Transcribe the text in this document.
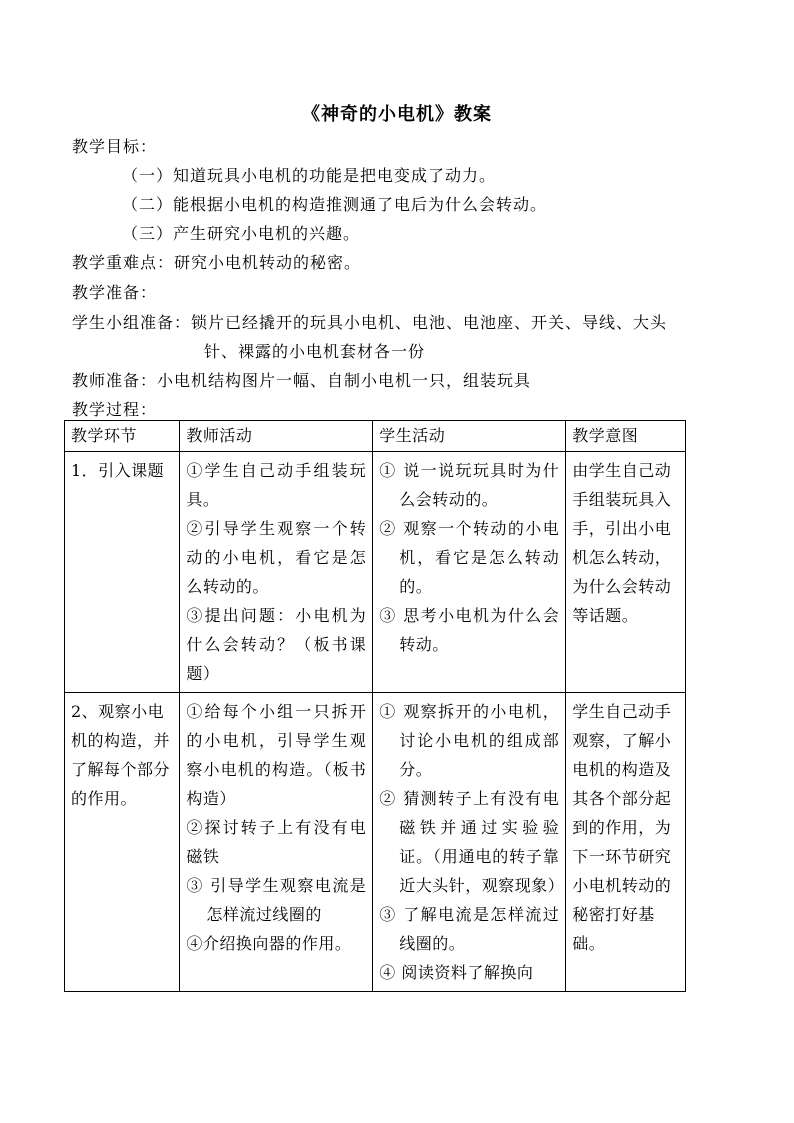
《神奇的小电机》教案
教学目标：
（一）知道玩具小电机的功能是把电变成了动力。
（二）能根据小电机的构造推测通了电后为什么会转动。
（三）产生研究小电机的兴趣。
教学重难点：研究小电机转动的秘密。
教学准备：
学生小组准备：锁片已经撬开的玩具小电机、电池、电池座、开关、导线、大头
针、裸露的小电机套材各一份
教师准备：小电机结构图片一幅、自制小电机一只，组装玩具
教学过程：
教学环节	教师活动	学生活动	教学意图
1．引入课题	①学生自己动手组装玩具。
②引导学生观察一个转动的小电机，看它是怎么转动的。
③提出问题：小电机为什么会转动？（板书课题）	① 说一说玩玩具时为什么会转动的。
② 观察一个转动的小电机，看它是怎么转动的。
③ 思考小电机为什么会转动。	由学生自己动手组装玩具入手，引出小电机怎么转动，为什么会转动等话题。
2、观察小电机的构造，并了解每个部分的作用。	①给每个小组一只拆开的小电机，引导学生观察小电机的构造。（板书构造）
②探讨转子上有没有电磁铁
③ 引导学生观察电流是怎样流过线圈的
④介绍换向器的作用。	① 观察拆开的小电机，讨论小电机的组成部分。
② 猜测转子上有没有电磁铁并通过实验验证。（用通电的转子靠近大头针，观察现象）
③ 了解电流是怎样流过线圈的。
④ 阅读资料了解换向	学生自己动手观察，了解小电机的构造及其各个部分起到的作用，为下一环节研究小电机转动的秘密打好基础。
